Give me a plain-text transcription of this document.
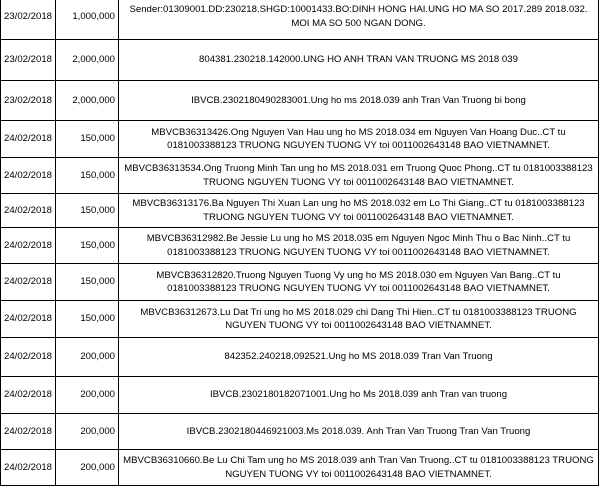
23/02/2018	1,000,000	Sender:01309001.DD:230218.SHGD:10001433.BO:DINH HONG HAI.UNG HO MA SO 2017.289 2018.032. MOI MA SO 500 NGAN DONG.
23/02/2018	2,000,000	804381.230218.142000.UNG HO ANH TRAN VAN TRUONG MS 2018 039
23/02/2018	2,000,000	IBVCB.2302180490283001.Ung ho ms 2018.039 anh Tran Van Truong bi bong
24/02/2018	150,000	MBVCB36313426.Ong Nguyen Van Hau ung ho MS 2018.034 em Nguyen Van Hoang Duc..CT tu 0181003388123 TRUONG NGUYEN TUONG VY toi 0011002643148 BAO VIETNAMNET.
24/02/2018	150,000	MBVCB36313534.Ong Truong Minh Tan ung ho MS 2018.031 em Truong Quoc Phong..CT tu 0181003388123 TRUONG NGUYEN TUONG VY toi 0011002643148 BAO VIETNAMNET.
24/02/2018	150,000	MBVCB36313176.Ba Nguyen Thi Xuan Lan ung ho MS 2018.032 em Lo Thi Giang..CT tu 0181003388123 TRUONG NGUYEN TUONG VY toi 0011002643148 BAO VIETNAMNET.
24/02/2018	150,000	MBVCB36312982.Be Jessie Lu ung ho MS 2018.035 em Nguyen Ngoc Minh Thu o Bac Ninh..CT tu 0181003388123 TRUONG NGUYEN TUONG VY toi 0011002643148 BAO VIETNAMNET.
24/02/2018	150,000	MBVCB36312820.Truong Nguyen Tuong Vy ung ho MS 2018.030 em Nguyen Van Bang..CT tu 0181003388123 TRUONG NGUYEN TUONG VY toi 0011002643148 BAO VIETNAMNET.
24/02/2018	150,000	MBVCB36312673.Lu Dat Tri ung ho MS 2018.029 chi Dang Thi Hien..CT tu 0181003388123 TRUONG NGUYEN TUONG VY toi 0011002643148 BAO VIETNAMNET.
24/02/2018	200,000	842352.240218.092521.Ung ho MS 2018.039 Tran Van Truong
24/02/2018	200,000	IBVCB.2302180182071001.Ung ho Ms 2018.039 anh Tran van truong
24/02/2018	200,000	IBVCB.2302180446921003.Ms 2018.039. Anh Tran Van Truong Tran Van Truong
24/02/2018	200,000	MBVCB36310660.Be Lu Chi Tam ung ho MS 2018.039 anh Tran Van Truong..CT tu 0181003388123 TRUONG NGUYEN TUONG VY toi 0011002643148 BAO VIETNAMNET.
